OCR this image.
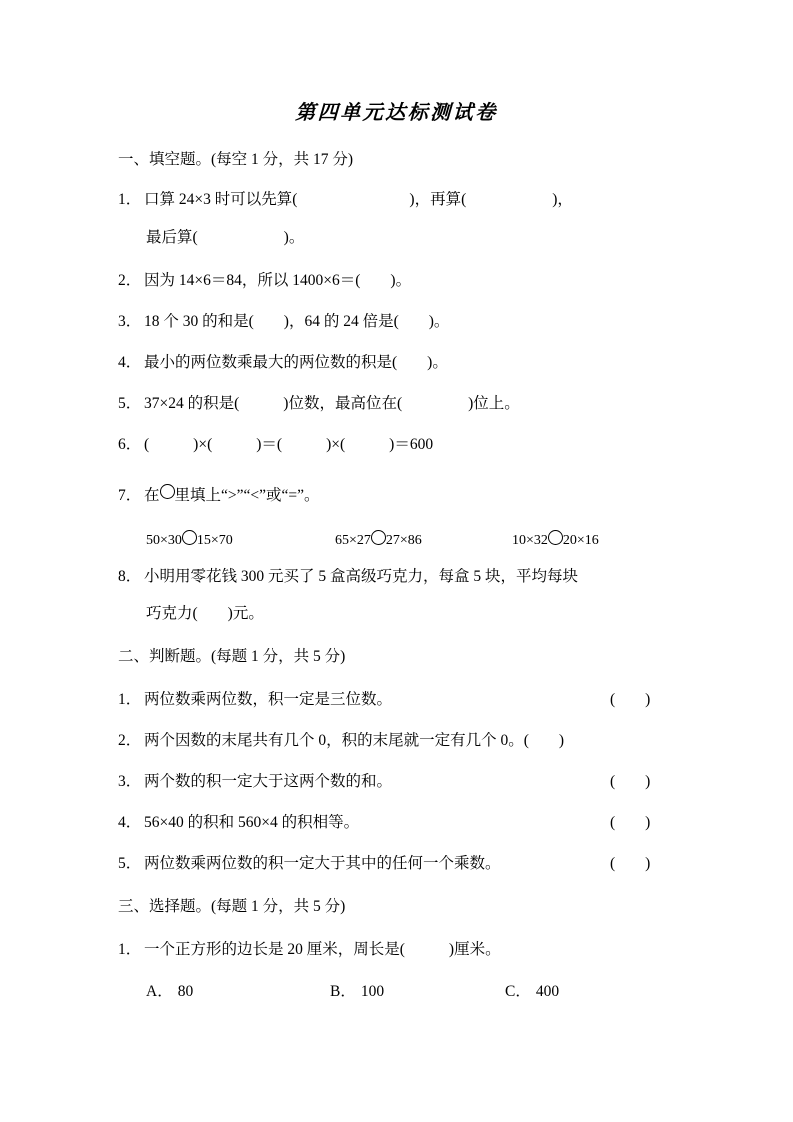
第四单元达标测试卷
一、填空题。(每空 1 分，共 17 分)
1． 口算 24×3 时可以先算(	)，再算(	)，
最后算(	)。
2． 因为 14×6＝84，所以 1400×6＝( )。
3． 18 个 30 的和是( )，64 的 24 倍是( )。
4． 最小的两位数乘最大的两位数的积是( )。
5． 37×24 的积是(	)位数，最高位在(	)位上。
6． (	)×(	)＝(	)×(	)＝600
7． 在 里填上“>”“<”或“=”。
50×30 15×70	65×27 27×86	10×32 20×16
8． 小明用零花钱 300 元买了 5 盒高级巧克力，每盒 5 块，平均每块
巧克力( )元。
二、判断题。(每题 1 分，共 5 分)
1． 两位数乘两位数，积一定是三位数。	( )
2． 两个因数的末尾共有几个 0，积的末尾就一定有几个 0。( )
3． 两个数的积一定大于这两个数的和。	( )
4． 56×40 的积和 560×4 的积相等。	( )
5． 两位数乘两位数的积一定大于其中的任何一个乘数。	( )
三、选择题。(每题 1 分，共 5 分)
1． 一个正方形的边长是 20 厘米，周长是(	)厘米。
A． 80	B． 100	C． 400
